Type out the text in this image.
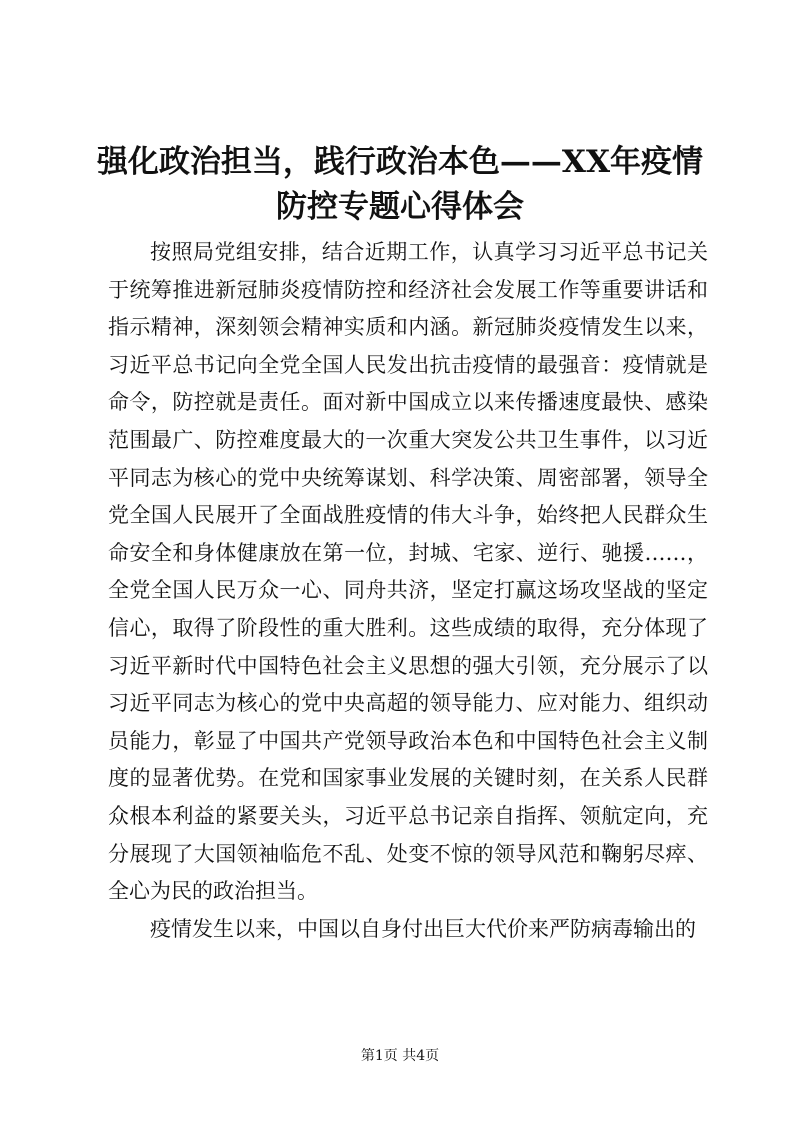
强化政治担当，践行政治本色——XX年疫情
防控专题心得体会

按照局党组安排，结合近期工作，认真学习习近平总书记关于统筹推进新冠肺炎疫情防控和经济社会发展工作等重要讲话和指示精神，深刻领会精神实质和内涵。新冠肺炎疫情发生以来，习近平总书记向全党全国人民发出抗击疫情的最强音：疫情就是命令，防控就是责任。面对新中国成立以来传播速度最快、感染范围最广、防控难度最大的一次重大突发公共卫生事件，以习近平同志为核心的党中央统筹谋划、科学决策、周密部署，领导全党全国人民展开了全面战胜疫情的伟大斗争，始终把人民群众生命安全和身体健康放在第一位，封城、宅家、逆行、驰援……，全党全国人民万众一心、同舟共济，坚定打赢这场攻坚战的坚定信心，取得了阶段性的重大胜利。这些成绩的取得，充分体现了习近平新时代中国特色社会主义思想的强大引领，充分展示了以习近平同志为核心的党中央高超的领导能力、应对能力、组织动员能力，彰显了中国共产党领导政治本色和中国特色社会主义制度的显著优势。在党和国家事业发展的关键时刻，在关系人民群众根本利益的紧要关头，习近平总书记亲自指挥、领航定向，充分展现了大国领袖临危不乱、处变不惊的领导风范和鞠躬尽瘁、全心为民的政治担当。

疫情发生以来，中国以自身付出巨大代价来严防病毒输出的

第1页 共4页
